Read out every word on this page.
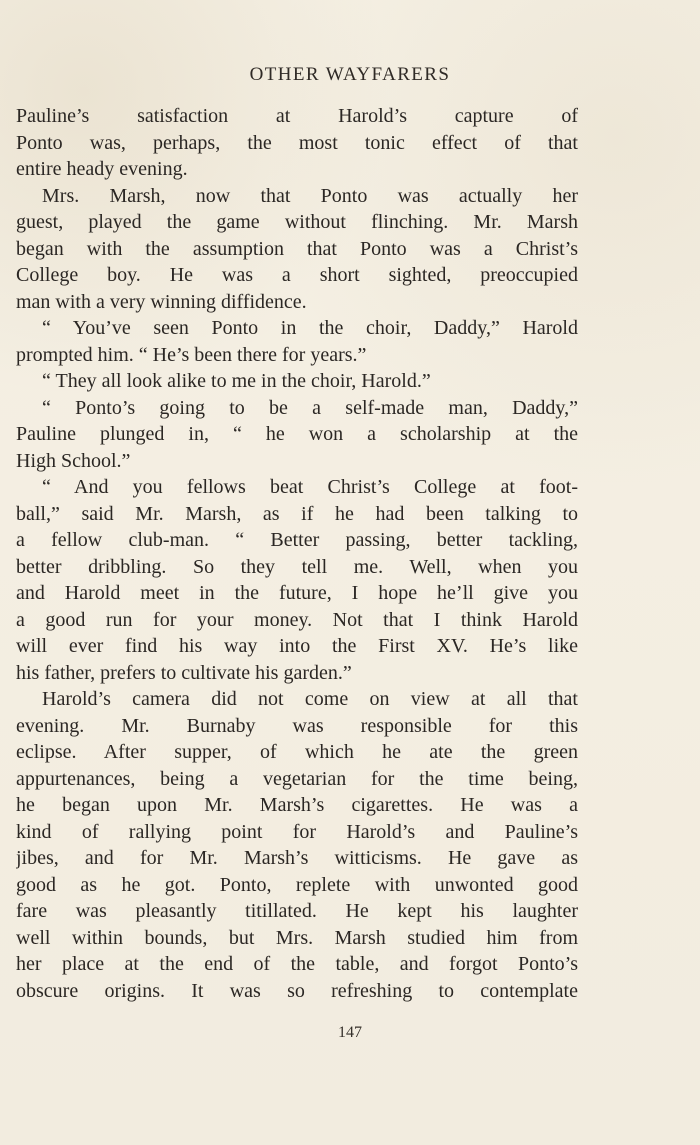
OTHER WAYFARERS
Pauline’s satisfaction at Harold’s capture of
Ponto was, perhaps, the most tonic effect of that
entire heady evening.
Mrs. Marsh, now that Ponto was actually her
guest, played the game without flinching. Mr. Marsh
began with the assumption that Ponto was a Christ’s
College boy. He was a short sighted, preoccupied
man with a very winning diffidence.
“ You’ve seen Ponto in the choir, Daddy,” Harold
prompted him. “ He’s been there for years.”
“ They all look alike to me in the choir, Harold.”
“ Ponto’s going to be a self-made man, Daddy,”
Pauline plunged in, “ he won a scholarship at the
High School.”
“ And you fellows beat Christ’s College at foot-
ball,” said Mr. Marsh, as if he had been talking to
a fellow club-man. “ Better passing, better tackling,
better dribbling. So they tell me. Well, when you
and Harold meet in the future, I hope he’ll give you
a good run for your money. Not that I think Harold
will ever find his way into the First XV. He’s like
his father, prefers to cultivate his garden.”
Harold’s camera did not come on view at all that
evening. Mr. Burnaby was responsible for this
eclipse. After supper, of which he ate the green
appurtenances, being a vegetarian for the time being,
he began upon Mr. Marsh’s cigarettes. He was a
kind of rallying point for Harold’s and Pauline’s
jibes, and for Mr. Marsh’s witticisms. He gave as
good as he got. Ponto, replete with unwonted good
fare was pleasantly titillated. He kept his laughter
well within bounds, but Mrs. Marsh studied him from
her place at the end of the table, and forgot Ponto’s
obscure origins. It was so refreshing to contemplate
147
